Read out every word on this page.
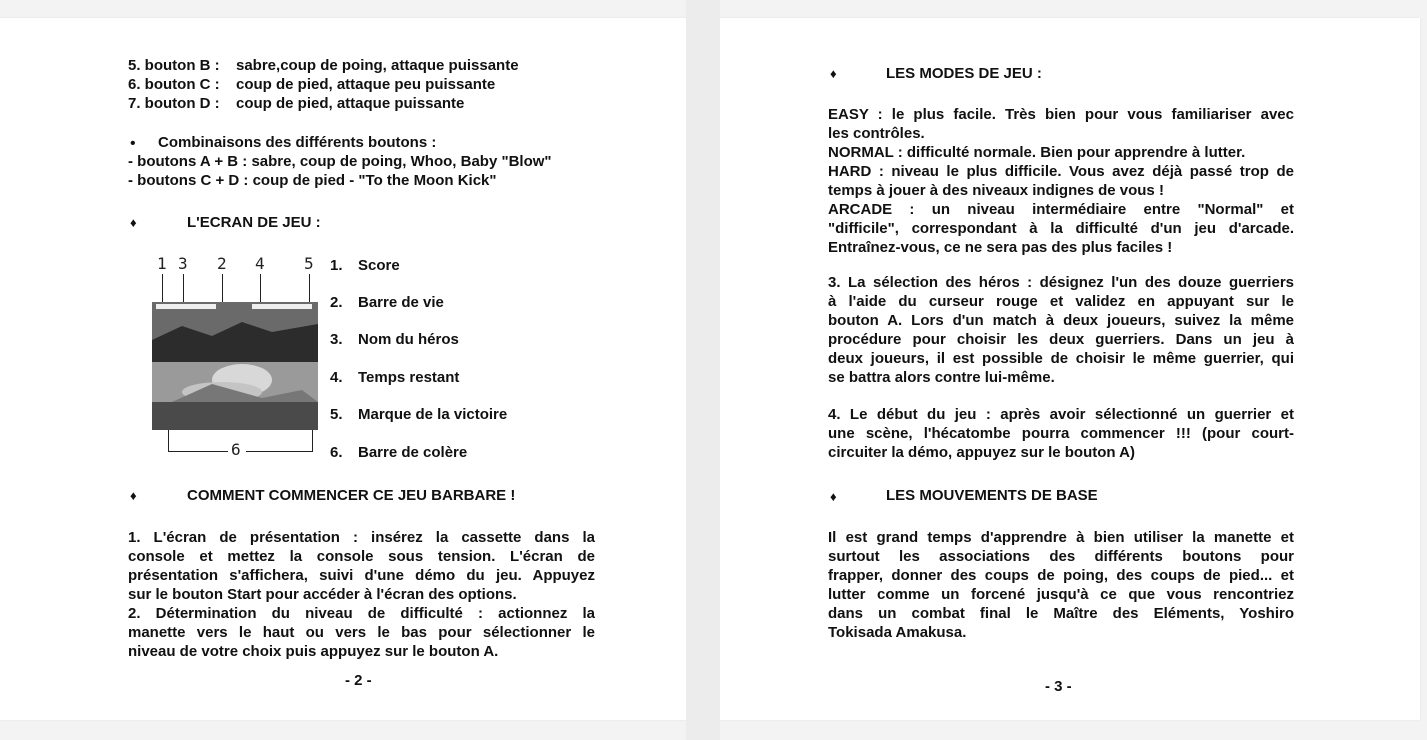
5. bouton B : sabre,coup de poing, attaque puissante
6. bouton C : coup de pied, attaque peu puissante
7. bouton D : coup de pied, attaque puissante
• Combinaisons des différents boutons :
- boutons A + B : sabre, coup de poing, Whoo, Baby "Blow"
- boutons C + D : coup de pied - "To the Moon Kick"
♦	L'ECRAN DE JEU :
1 3 2 4 5
6
1. Score
2. Barre de vie
3. Nom du héros
4. Temps restant
5. Marque de la victoire
6. Barre de colère
♦	COMMENT COMMENCER CE JEU BARBARE !
1. L'écran de présentation : insérez la cassette dans la
console et mettez la console sous tension. L'écran de
présentation s'affichera, suivi d'une démo du jeu. Appuyez
sur le bouton Start pour accéder à l'écran des options.
2. Détermination du niveau de difficulté : actionnez la
manette vers le haut ou vers le bas pour sélectionner le
niveau de votre choix puis appuyez sur le bouton A.
- 2 -
♦	LES MODES DE JEU :
EASY : le plus facile. Très bien pour vous familiariser avec
les contrôles.
NORMAL : difficulté normale. Bien pour apprendre à lutter.
HARD : niveau le plus difficile. Vous avez déjà passé trop de
temps à jouer à des niveaux indignes de vous !
ARCADE : un niveau intermédiaire entre "Normal" et
"difficile", correspondant à la difficulté d'un jeu d'arcade.
Entraînez-vous, ce ne sera pas des plus faciles !
3. La sélection des héros : désignez l'un des douze guerriers
à l'aide du curseur rouge et validez en appuyant sur le
bouton A. Lors d'un match à deux joueurs, suivez la même
procédure pour choisir les deux guerriers. Dans un jeu à
deux joueurs, il est possible de choisir le même guerrier, qui
se battra alors contre lui-même.
4. Le début du jeu : après avoir sélectionné un guerrier et
une scène, l'hécatombe pourra commencer !!! (pour court-
circuiter la démo, appuyez sur le bouton A)
♦	LES MOUVEMENTS DE BASE
Il est grand temps d'apprendre à bien utiliser la manette et
surtout les associations des différents boutons pour
frapper, donner des coups de poing, des coups de pied... et
lutter comme un forcené jusqu'à ce que vous rencontriez
dans un combat final le Maître des Eléments, Yoshiro
Tokisada Amakusa.
- 3 -
